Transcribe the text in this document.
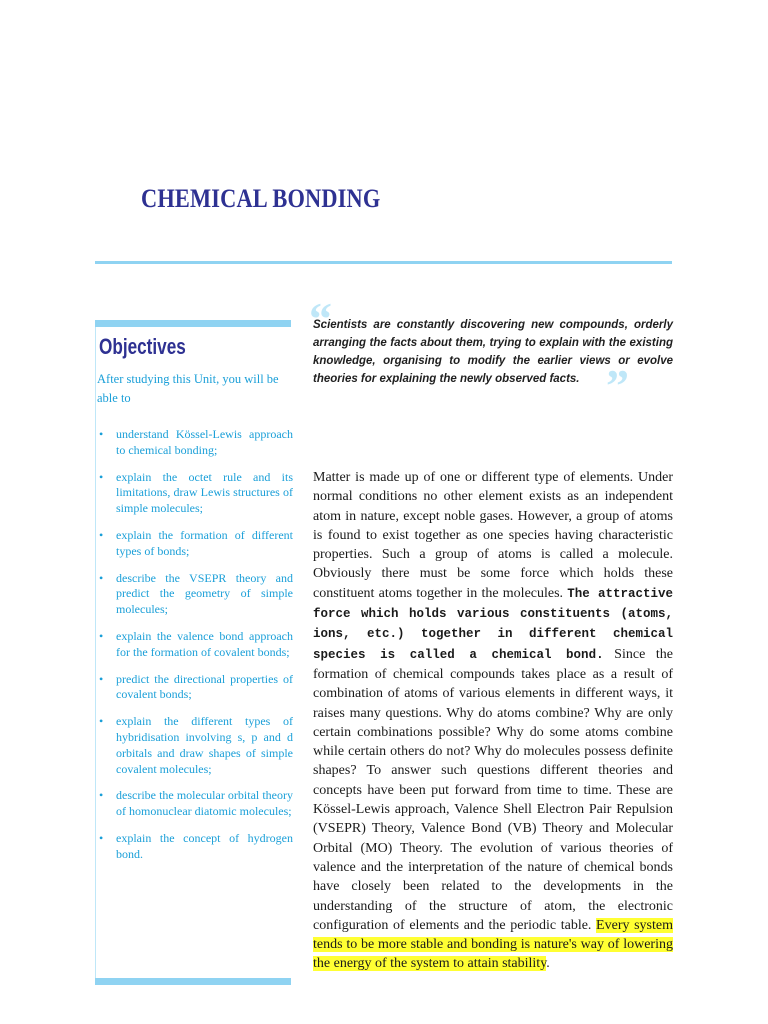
CHEMICAL BONDING
Objectives
After studying this Unit, you will be able to
• understand Kössel-Lewis approach to chemical bonding;
• explain the octet rule and its limitations, draw Lewis structures of simple molecules;
• explain the formation of different types of bonds;
• describe the VSEPR theory and predict the geometry of simple molecules;
• explain the valence bond approach for the formation of covalent bonds;
• predict the directional properties of covalent bonds;
• explain the different types of hybridisation involving s, p and d orbitals and draw shapes of simple covalent molecules;
• describe the molecular orbital theory of homonuclear diatomic molecules;
• explain the concept of hydrogen bond.
“
Scientists are constantly discovering new compounds, orderly arranging the facts about them, trying to explain with the existing knowledge, organising to modify the earlier views or evolve theories for explaining the newly observed facts. ”

Matter is made up of one or different type of elements. Under normal conditions no other element exists as an independent atom in nature, except noble gases. However, a group of atoms is found to exist together as one species having characteristic properties. Such a group of atoms is called a molecule. Obviously there must be some force which holds these constituent atoms together in the molecules. The attractive force which holds various constituents (atoms, ions, etc.) together in different chemical species is called a chemical bond. Since the formation of chemical compounds takes place as a result of combination of atoms of various elements in different ways, it raises many questions. Why do atoms combine? Why are only certain combinations possible? Why do some atoms combine while certain others do not? Why do molecules possess definite shapes? To answer such questions different theories and concepts have been put forward from time to time. These are Kössel-Lewis approach, Valence Shell Electron Pair Repulsion (VSEPR) Theory, Valence Bond (VB) Theory and Molecular Orbital (MO) Theory. The evolution of various theories of valence and the interpretation of the nature of chemical bonds have closely been related to the developments in the understanding of the structure of atom, the electronic configuration of elements and the periodic table. Every system tends to be more stable and bonding is nature's way of lowering the energy of the system to attain stability.
